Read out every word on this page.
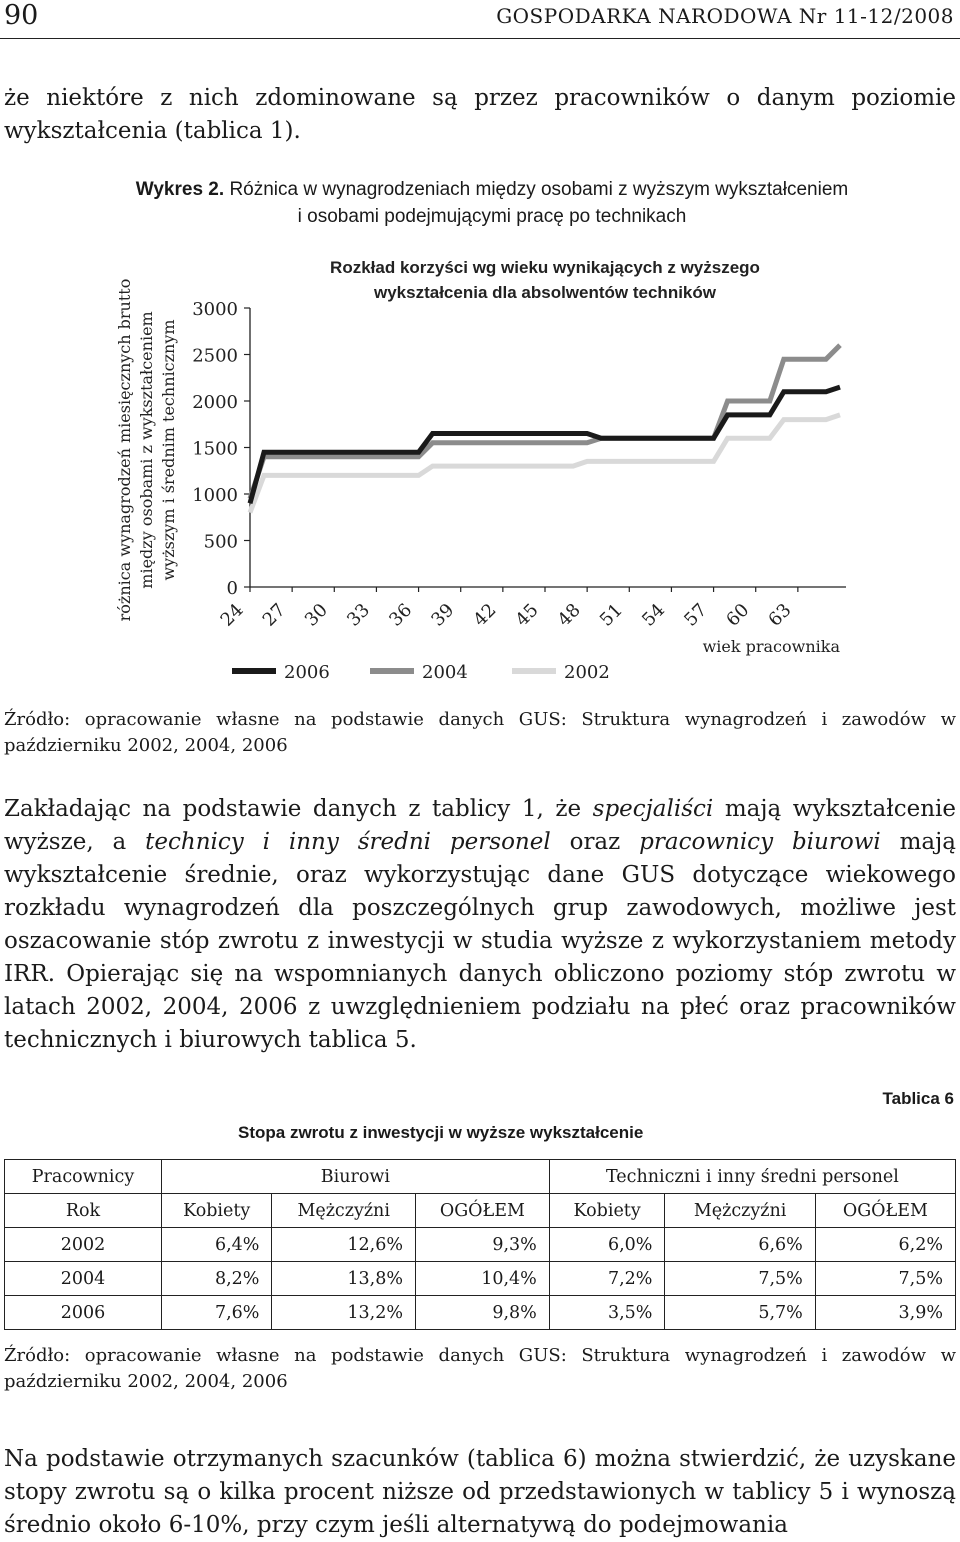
90	GOSPODARKA NARODOWA Nr 11-12/2008

że niektóre z nich zdominowane są przez pracowników o danym poziomie wykształcenia (tablica 1).

Wykres 2. Różnica w wynagrodzeniach między osobami z wyższym wykształceniem
i osobami podejmującymi pracę po technikach
0
500
1000
1500
2000
2500
3000
24 27 30 33 36 39 42 45 48 51 54 57 60 63
Rozkład korzyści wg wieku wynikających z wyższego
wykształcenia dla absolwentów techników
różnica wynagrodzeń miesięcznych brutto między osobami z wykształceniem wyższym i średnim technicznym
wiek pracownika
2006	2004	2002
Źródło: opracowanie własne na podstawie danych GUS: Struktura wynagrodzeń i zawodów w październiku 2002, 2004, 2006

Zakładając na podstawie danych z tablicy 1, że specjaliści mają wykształcenie wyższe, a technicy i inny średni personel oraz pracownicy biurowi mają wykształcenie średnie, oraz wykorzystując dane GUS dotyczące wiekowego rozkładu wynagrodzeń dla poszczególnych grup zawodowych, możliwe jest oszacowanie stóp zwrotu z inwestycji w studia wyższe z wykorzystaniem metody IRR. Opierając się na wspomnianych danych obliczono poziomy stóp zwrotu w latach 2002, 2004, 2006 z uwzględnieniem podziału na płeć oraz pracowników technicznych i biurowych tablica 5.

Tablica 6
Stopa zwrotu z inwestycji w wyższe wykształcenie
Pracownicy	Biurowi			Techniczni i inny średni personel		
Rok	Kobiety	Mężczyźni	OGÓŁEM	Kobiety	Mężczyźni	OGÓŁEM
2002	6,4%	12,6%	9,3%	6,0%	6,6%	6,2%
2004	8,2%	13,8%	10,4%	7,2%	7,5%	7,5%
2006	7,6%	13,2%	9,8%	3,5%	5,7%	3,9%
Źródło: opracowanie własne na podstawie danych GUS: Struktura wynagrodzeń i zawodów w październiku 2002, 2004, 2006

Na podstawie otrzymanych szacunków (tablica 6) można stwierdzić, że uzyskane stopy zwrotu są o kilka procent niższe od przedstawionych w tablicy 5 i wynoszą średnio około 6-10%, przy czym jeśli alternatywą do podejmowania
